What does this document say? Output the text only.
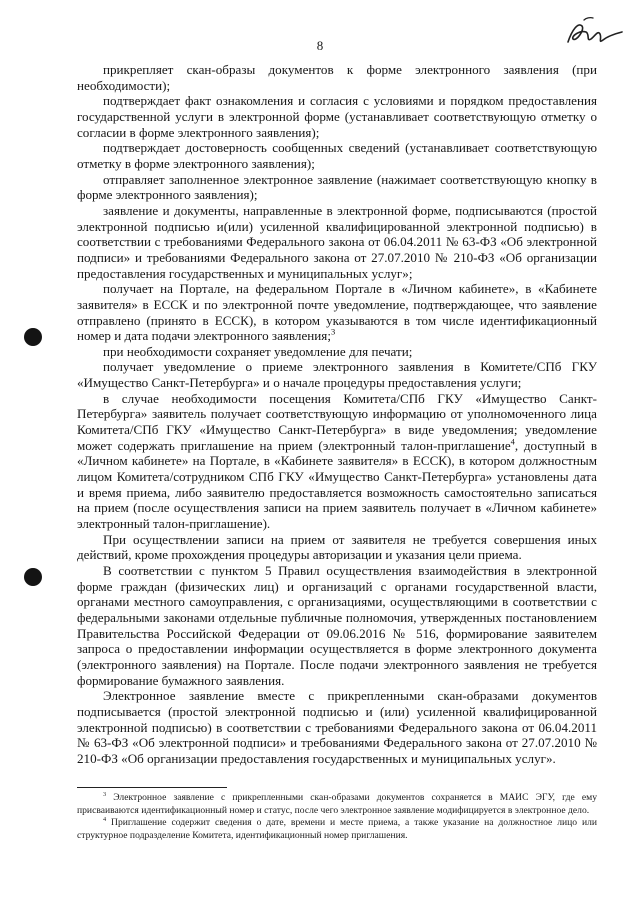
8

прикрепляет скан-образы документов к форме электронного заявления (при необходимости);

подтверждает факт ознакомления и согласия с условиями и порядком предоставления государственной услуги в электронной форме (устанавливает соответствующую отметку о согласии в форме электронного заявления);

подтверждает достоверность сообщенных сведений (устанавливает соответствующую отметку в форме электронного заявления);

отправляет заполненное электронное заявление (нажимает соответствующую кнопку в форме электронного заявления);

заявление и документы, направленные в электронной форме, подписываются (простой электронной подписью и(или) усиленной квалифицированной электронной подписью) в соответствии с требованиями Федерального закона от 06.04.2011 № 63-ФЗ «Об электронной подписи» и требованиями Федерального закона от 27.07.2010 № 210-ФЗ «Об организации предоставления государственных и муниципальных услуг»;

получает на Портале, на федеральном Портале в «Личном кабинете», в «Кабинете заявителя» в ЕССК и по электронной почте уведомление, подтверждающее, что заявление отправлено (принято в ЕССК), в котором указываются в том числе идентификационный номер и дата подачи электронного заявления;$^3$

при необходимости сохраняет уведомление для печати;

получает уведомление о приеме электронного заявления в Комитете/СПб ГКУ «Имущество Санкт-Петербурга» и о начале процедуры предоставления услуги;

в случае необходимости посещения Комитета/СПб ГКУ «Имущество Санкт-Петербурга» заявитель получает соответствующую информацию от уполномоченного лица Комитета/СПб ГКУ «Имущество Санкт-Петербурга» в виде уведомления; уведомление может содержать приглашение на прием (электронный талон-приглашение$^4$, доступный в «Личном кабинете» на Портале, в «Кабинете заявителя» в ЕССК), в котором должностным лицом Комитета/сотрудником СПб ГКУ «Имущество Санкт-Петербурга» установлены дата и время приема, либо заявителю предоставляется возможность самостоятельно записаться на прием (после осуществления записи на прием заявитель получает в «Личном кабинете» электронный талон-приглашение).

При осуществлении записи на прием от заявителя не требуется совершения иных действий, кроме прохождения процедуры авторизации и указания цели приема.

В соответствии с пунктом 5 Правил осуществления взаимодействия в электронной форме граждан (физических лиц) и организаций с органами государственной власти, органами местного самоуправления, с организациями, осуществляющими в соответствии с федеральными законами отдельные публичные полномочия, утвержденных постановлением Правительства Российской Федерации от 09.06.2016 № 516, формирование заявителем запроса о предоставлении информации осуществляется в форме электронного документа (электронного заявления) на Портале. После подачи электронного заявления не требуется формирование бумажного заявления.

Электронное заявление вместе с прикрепленными скан-образами документов подписывается (простой электронной подписью и (или) усиленной квалифицированной электронной подписью) в соответствии с требованиями Федерального закона от 06.04.2011 № 63-ФЗ «Об электронной подписи» и требованиями Федерального закона от 27.07.2010 № 210-ФЗ «Об организации предоставления государственных и муниципальных услуг».

$^3$ Электронное заявление с прикрепленными скан-образами документов сохраняется в МАИС ЭГУ, где ему присваиваются идентификационный номер и статус, после чего электронное заявление модифицируется в электронное дело.

$^4$ Приглашение содержит сведения о дате, времени и месте приема, а также указание на должностное лицо или структурное подразделение Комитета, идентификационный номер приглашения.
